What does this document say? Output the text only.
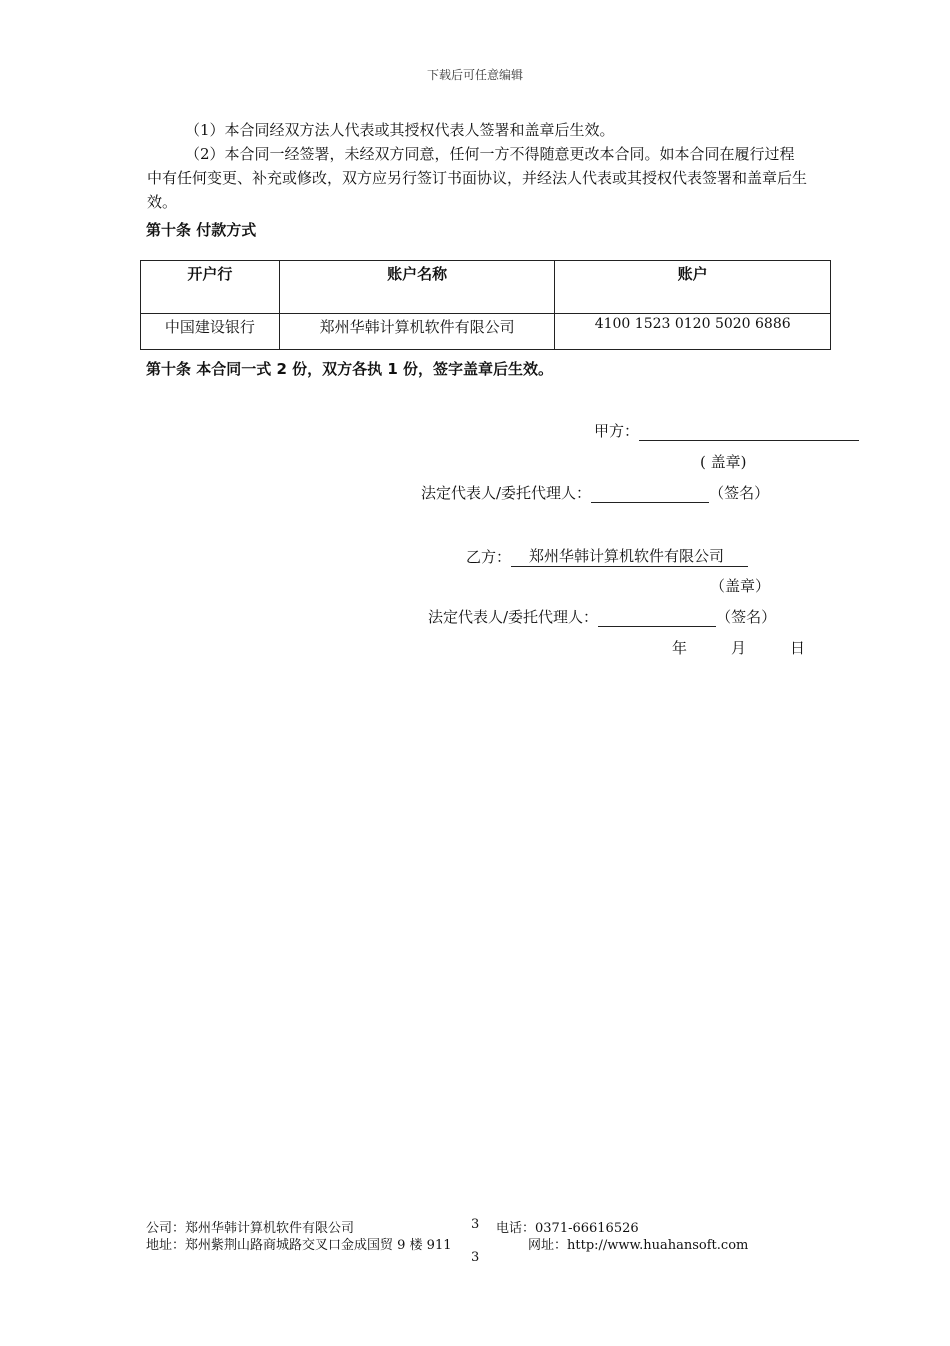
下载后可任意编辑
（1）本合同经双方法人代表或其授权代表人签署和盖章后生效。
（2）本合同一经签署，未经双方同意，任何一方不得随意更改本合同。如本合同在履行过程中有任何变更、补充或修改，双方应另行签订书面协议，并经法人代表或其授权代表签署和盖章后生效。
第十条 付款方式
开户行	账户名称	账户
中国建设银行	郑州华韩计算机软件有限公司	4100 1523 0120 5020 6886
第十条 本合同一式 2 份，双方各执 1 份，签字盖章后生效。
甲方：
( 盖章)
法定代表人/委托代理人：	（签名）
乙方： 郑州华韩计算机软件有限公司
（盖章）
法定代表人/委托代理人：	（签名）
年	月	日
公司：郑州华韩计算机软件有限公司	3 电话：0371-66616526
地址：郑州紫荆山路商城路交叉口金成国贸 9 楼 911	网址：http://www.huahansoft.com
3
